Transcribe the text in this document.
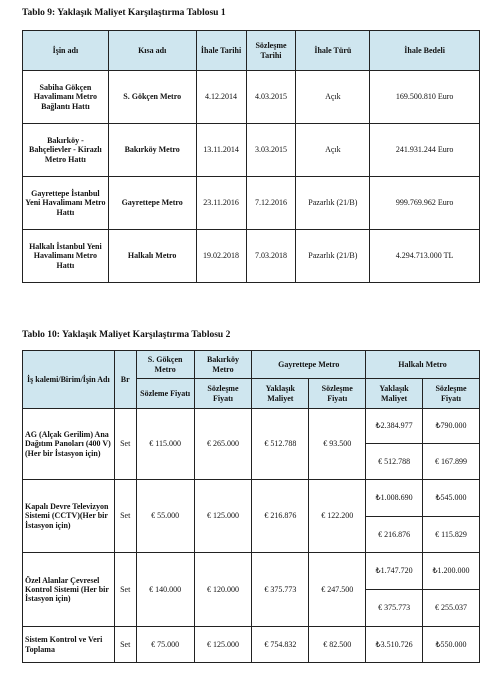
Tablo 9: Yaklaşık Maliyet Karşılaştırma Tablosu 1
İşin adı	Kısa adı	İhale Tarihi	Sözleşme Tarihi	İhale Türü	İhale Bedeli
Sabiha Gökçen Havalimanı Metro Bağlantı Hattı	S. Gökçen Metro	4.12.2014	4.03.2015	Açık	169.500.810 Euro
Bakırköy - Bahçelievler - Kirazlı Metro Hattı	Bakırköy Metro	13.11.2014	3.03.2015	Açık	241.931.244 Euro
Gayrettepe İstanbul Yeni Havalimanı Metro Hattı	Gayrettepe Metro	23.11.2016	7.12.2016	Pazarlık (21/B)	999.769.962 Euro
Halkalı İstanbul Yeni Havalimanı Metro Hattı	Halkalı Metro	19.02.2018	7.03.2018	Pazarlık (21/B)	4.294.713.000 TL
Tablo 10: Yaklaşık Maliyet Karşılaştırma Tablosu 2
İş kalemi/Birim/İşin Adı	Br	S. Gökçen Metro	Bakırköy Metro	Gayrettepe Metro		Halkalı Metro	
		Sözleme Fiyatı	Sözleşme Fiyatı	Yaklaşık Maliyet	Sözleşme Fiyatı	Yaklaşık Maliyet	Sözleşme Fiyatı
AG (Alçak Gerilim) Ana Dağıtım Panoları (400 V)(Her bir İstasyon için)	Set	€ 115.000	€ 265.000	€ 512.788	€ 93.500	₺2.384.977	₺790.000
						€ 512.788	€ 167.899
Kapalı Devre Televizyon Sistemi (CCTV)(Her bir İstasyon için)	Set	€ 55.000	€ 125.000	€ 216.876	€ 122.200	₺1.008.690	₺545.000
						€ 216.876	€ 115.829
Özel Alanlar Çevresel Kontrol Sistemi (Her bir İstasyon için)	Set	€ 140.000	€ 120.000	€ 375.773	€ 247.500	₺1.747.720	₺1.200.000
						€ 375.773	€ 255.037
Sistem Kontrol ve Veri Toplama	Set	€ 75.000	€ 125.000	€ 754.832	€ 82.500	₺3.510.726	₺550.000
